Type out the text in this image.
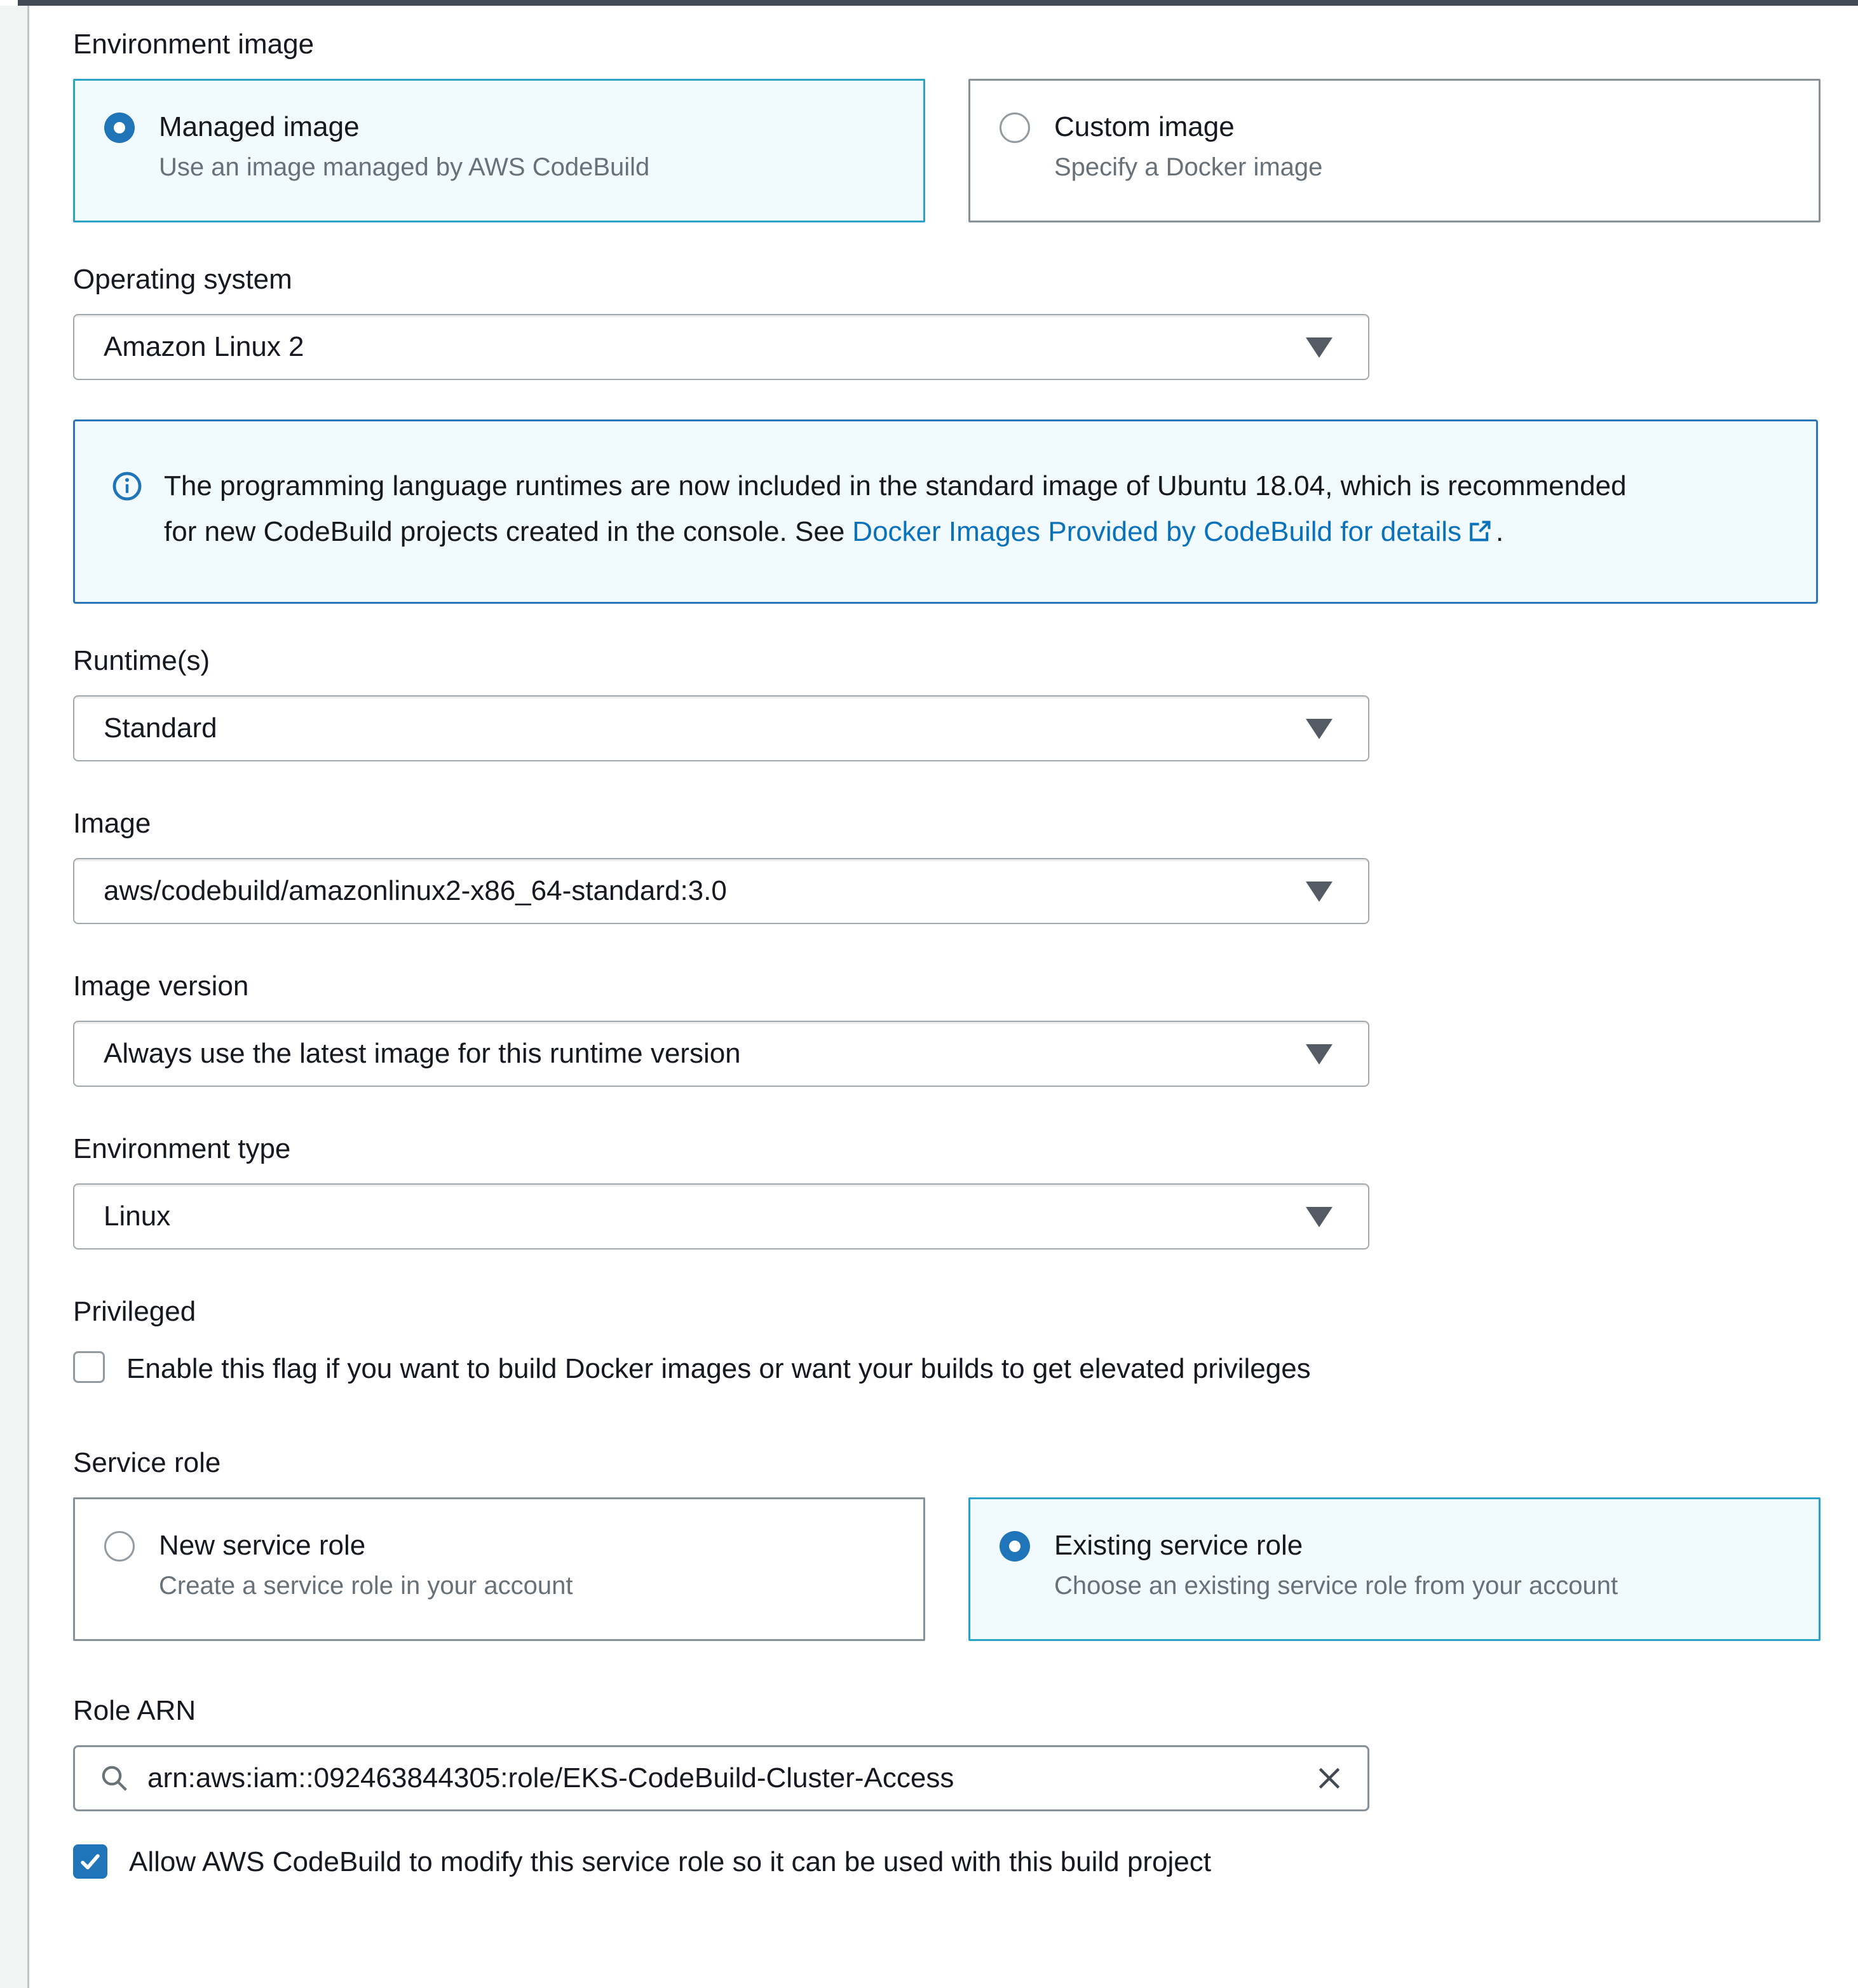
Environment image

Managed image
Use an image managed by AWS CodeBuild
Custom image
Specify a Docker image

Operating system

Amazon Linux 2
The programming language runtimes are now included in the standard image of Ubuntu 18.04, which is recommended for new CodeBuild projects created in the console. See Docker Images Provided by CodeBuild for details .

Runtime(s)

Standard

Image

aws/codebuild/amazonlinux2-x86_64-standard:3.0

Image version

Always use the latest image for this runtime version

Environment type

Linux

Privileged

Enable this flag if you want to build Docker images or want your builds to get elevated privileges

Service role

New service role
Create a service role in your account
Existing service role
Choose an existing service role from your account

Role ARN

arn:aws:iam::092463844305:role/EKS-CodeBuild-Cluster-Access
Allow AWS CodeBuild to modify this service role so it can be used with this build project
